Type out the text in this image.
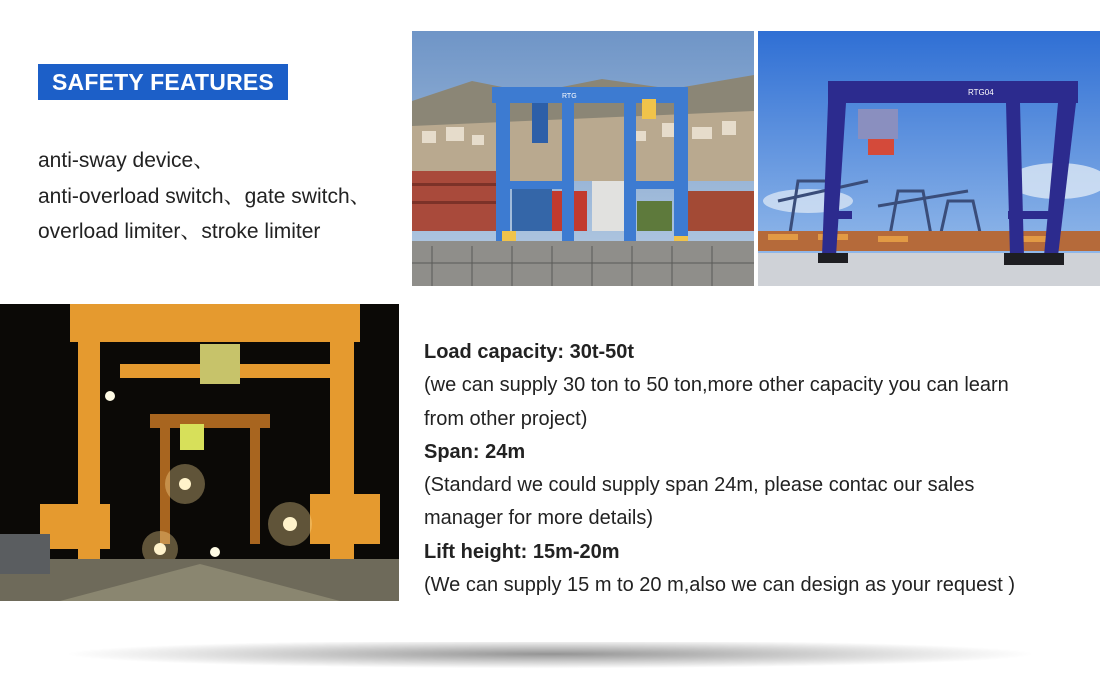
SAFETY FEATURES
anti-sway device、
anti-overload switch、gate switch、
overload limiter、stroke limiter
RTG	RTG04
Load capacity: 30t-50t
(we can supply 30 ton to 50 ton,more other capacity you can learn
from other project)
Span: 24m
(Standard we could supply span 24m, please contac our sales
manager for more details)
Lift height: 15m-20m
(We can supply 15 m to 20 m,also we can design as your request )
